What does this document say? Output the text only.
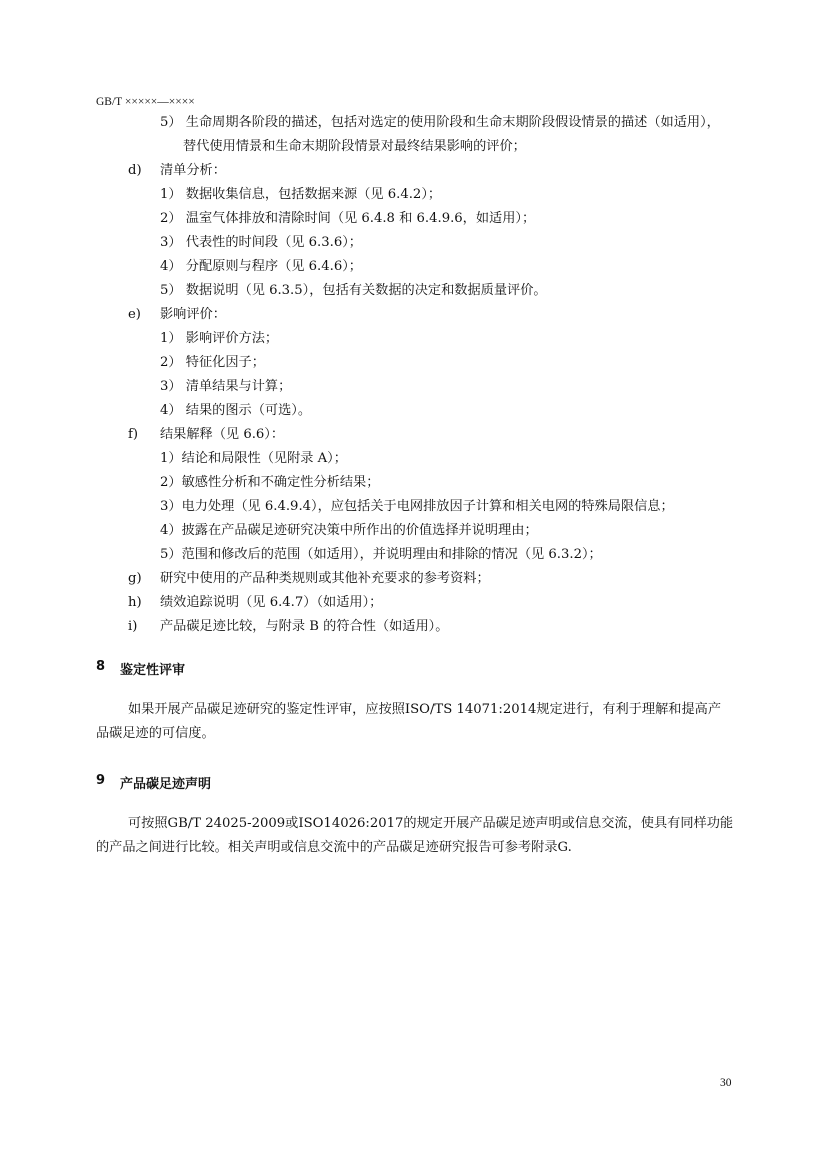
GB/T ×××××—××××
5） 生命周期各阶段的描述，包括对选定的使用阶段和生命末期阶段假设情景的描述（如适用），
替代使用情景和生命末期阶段情景对最终结果影响的评价；
d) 清单分析：
1） 数据收集信息，包括数据来源（见 6.4.2）；
2） 温室气体排放和清除时间（见 6.4.8 和 6.4.9.6，如适用）；
3） 代表性的时间段（见 6.3.6）；
4） 分配原则与程序（见 6.4.6）；
5） 数据说明（见 6.3.5），包括有关数据的决定和数据质量评价。
e) 影响评价：
1） 影响评价方法；
2） 特征化因子；
3） 清单结果与计算；
4） 结果的图示（可选）。
f) 结果解释（见 6.6）：
1）结论和局限性（见附录 A）；
2）敏感性分析和不确定性分析结果；
3）电力处理（见 6.4.9.4），应包括关于电网排放因子计算和相关电网的特殊局限信息；
4）披露在产品碳足迹研究决策中所作出的价值选择并说明理由；
5）范围和修改后的范围（如适用），并说明理由和排除的情况（见 6.3.2）；
g) 研究中使用的产品种类规则或其他补充要求的参考资料；
h) 绩效追踪说明（见 6.4.7）（如适用）；
i) 产品碳足迹比较，与附录 B 的符合性（如适用）。
8 鉴定性评审
如果开展产品碳足迹研究的鉴定性评审，应按照ISO/TS 14071:2014规定进行，有利于理解和提高产
品碳足迹的可信度。
9 产品碳足迹声明
可按照GB/T 24025-2009或ISO14026:2017的规定开展产品碳足迹声明或信息交流，使具有同样功能
的产品之间进行比较。相关声明或信息交流中的产品碳足迹研究报告可参考附录G.
30
